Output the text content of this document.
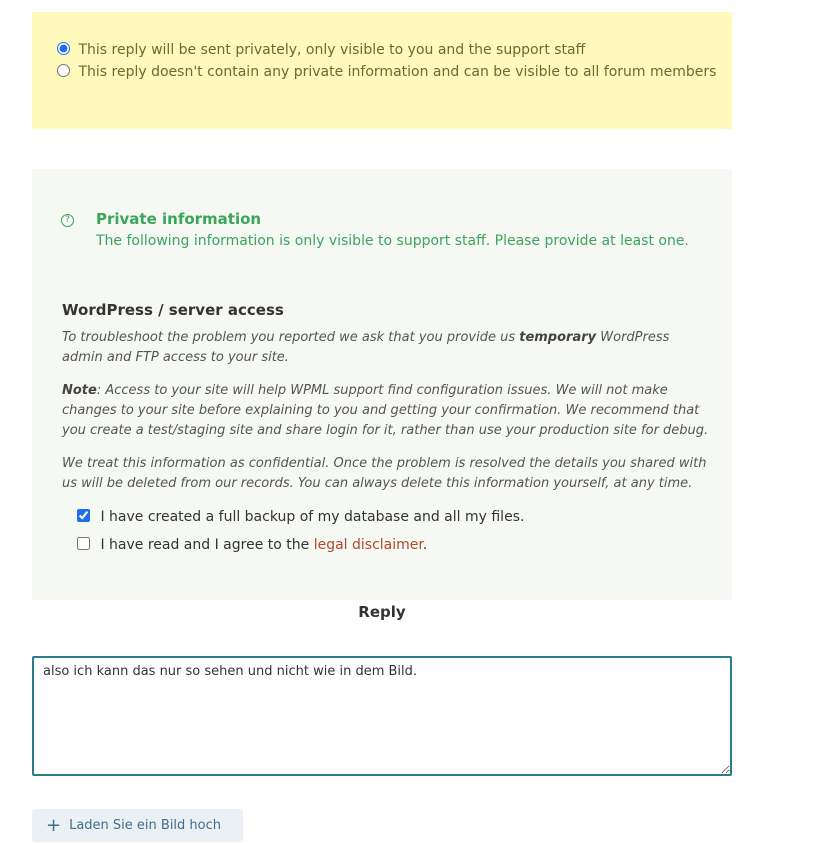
This reply will be sent privately, only visible to you and the support staff
This reply doesn't contain any private information and can be visible to all forum members
? Private information
The following information is only visible to support staff. Please provide at least one.
WordPress / server access
To troubleshoot the problem you reported we ask that you provide us temporary WordPress admin and FTP access to your site.
Note: Access to your site will help WPML support find configuration issues. We will not make changes to your site before explaining to you and getting your confirmation. We recommend that you create a test/staging site and share login for it, rather than use your production site for debug.
We treat this information as confidential. Once the problem is resolved the details you shared with us will be deleted from our records. You can always delete this information yourself, at any time.
I have created a full backup of my database and all my files.
I have read and I agree to the legal disclaimer.
Reply
also ich kann das nur so sehen und nicht wie in dem Bild.
+ Laden Sie ein Bild hoch
